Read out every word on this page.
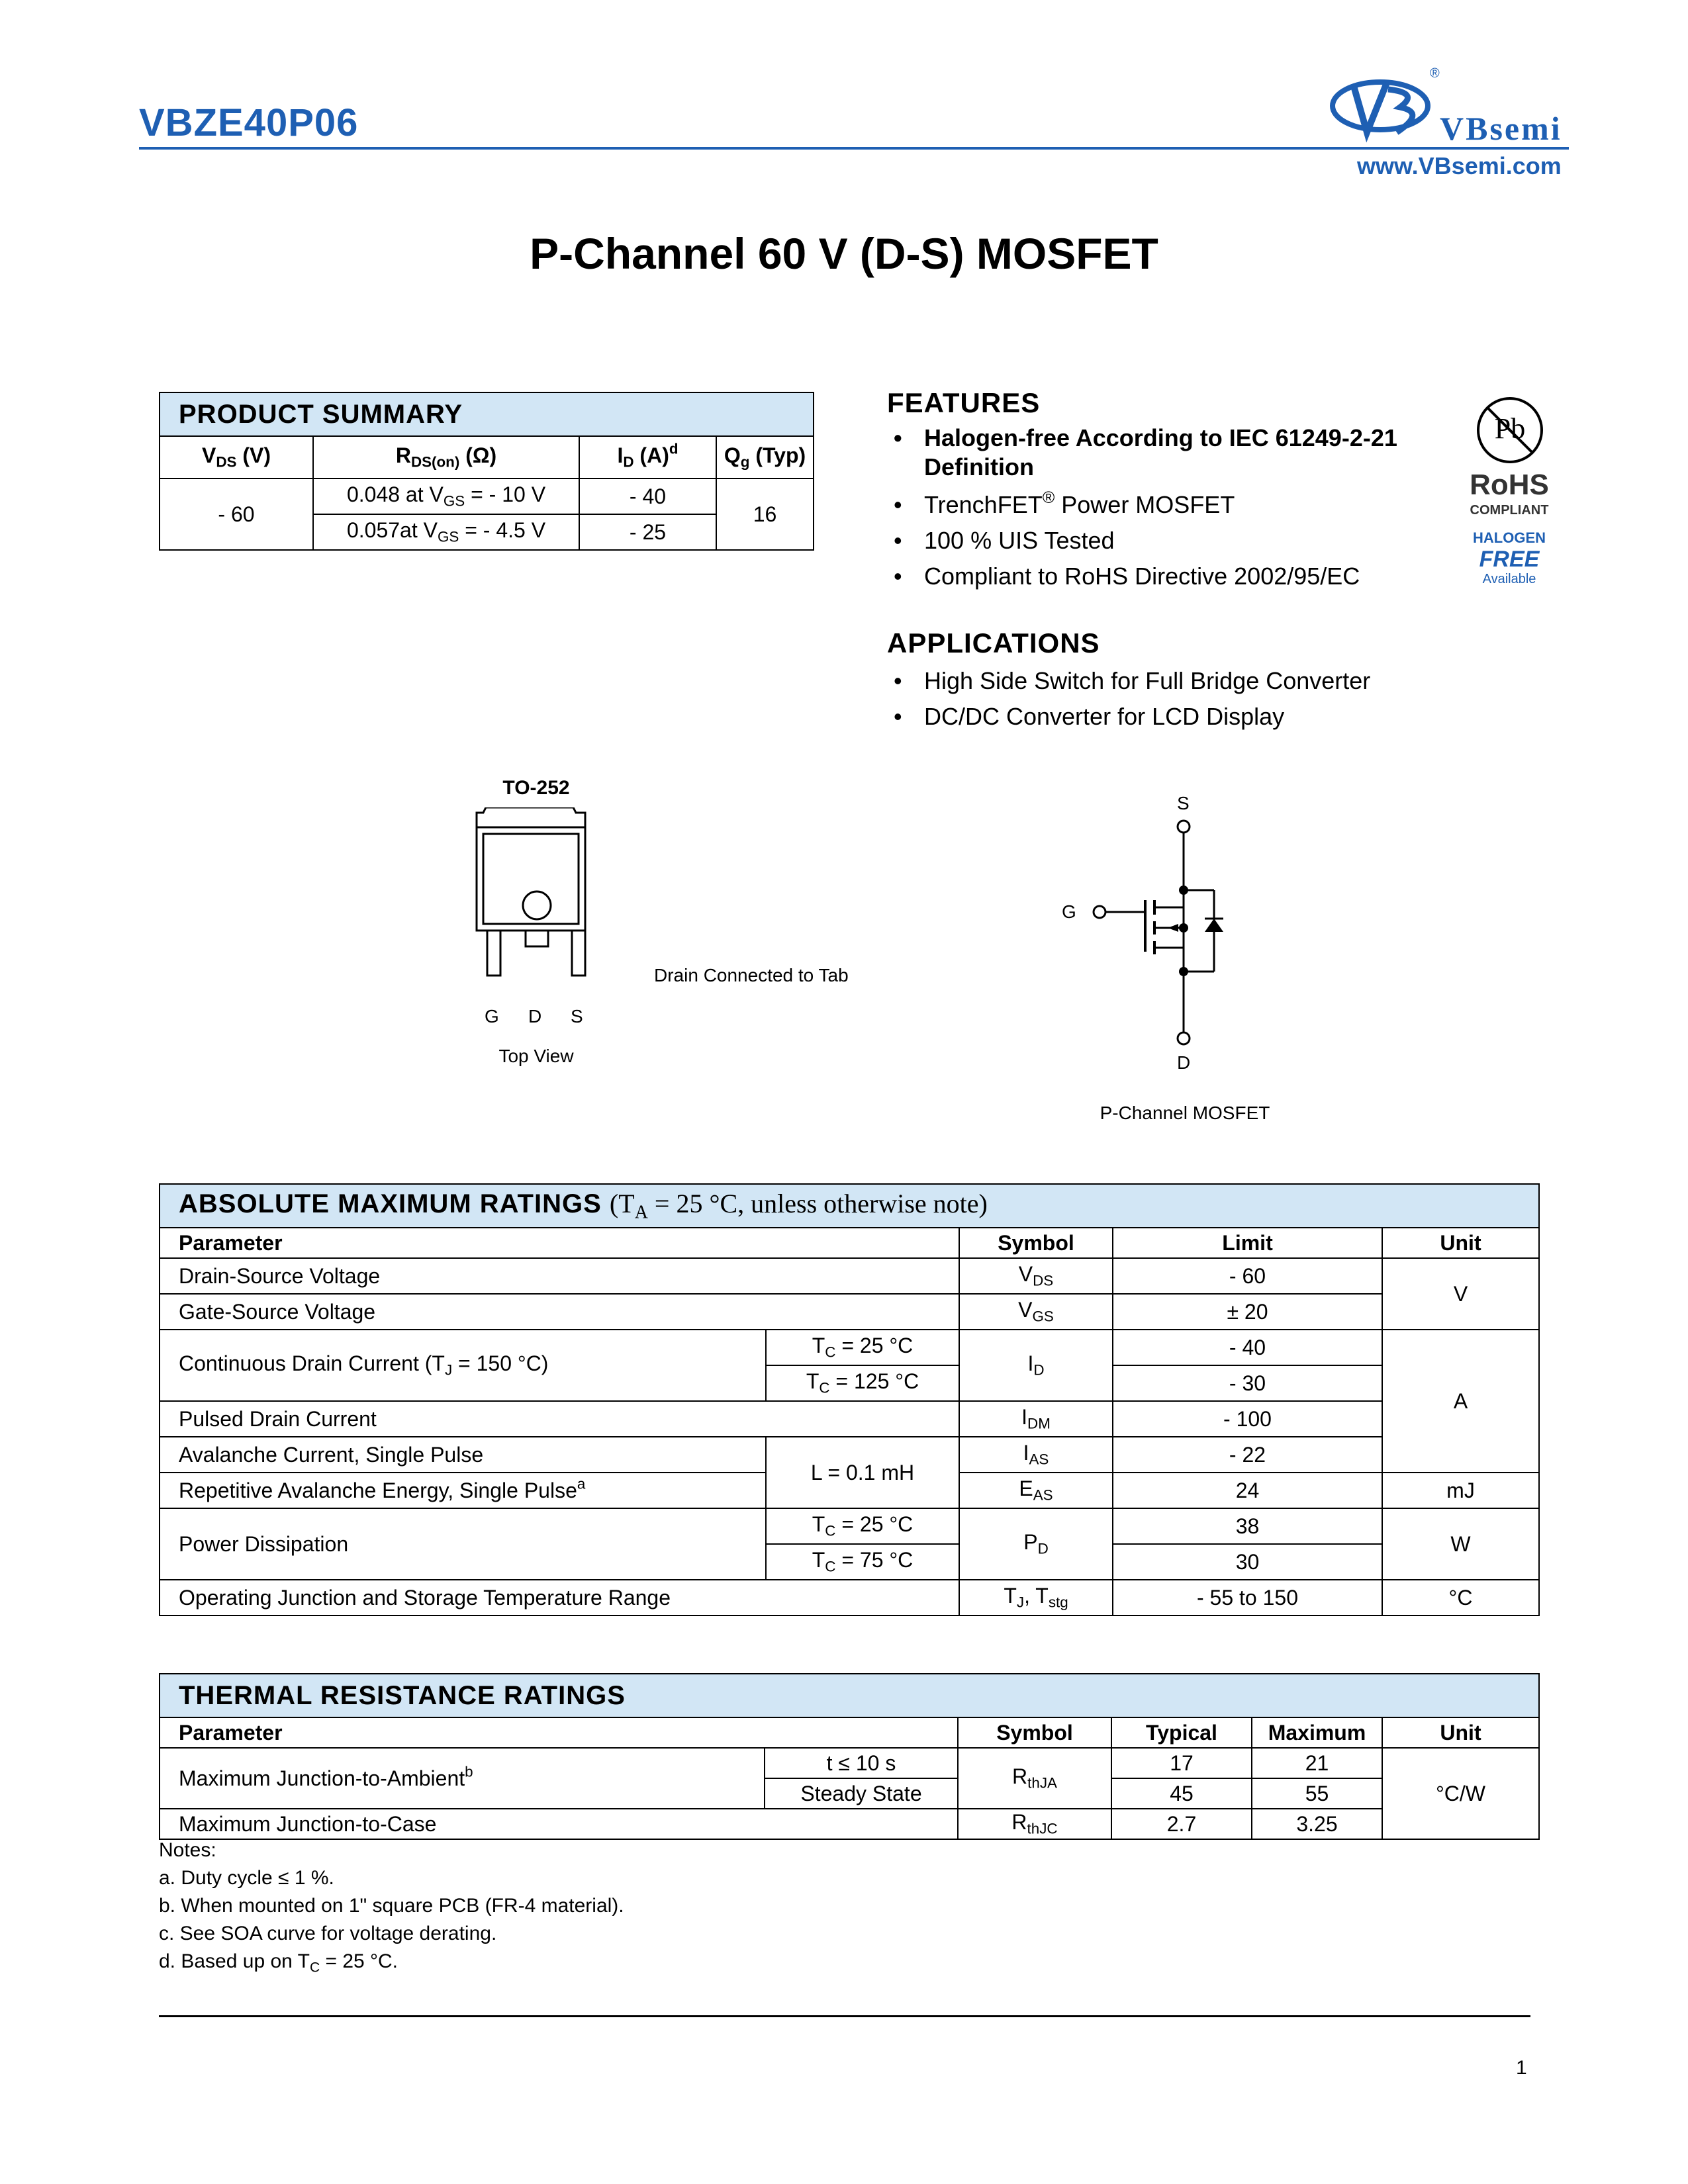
VBZE40P06
®
VBsemi
www.VBsemi.com
P-Channel 60 V (D-S) MOSFET
PRODUCT SUMMARY			
$V_{DS}$ (V)	$R_{DS(on)}$ (Ω)	$I_D$ $(A)^d$	$Q_g$ (Typ)
- 60	0.048 at $V_{GS}$ = - 10 V	- 40	16
	0.057at $V_{GS}$ = - 4.5 V	- 25	
FEATURES
• Halogen-free According to IEC 61249-2-21
Definition
• TrenchFET® Power MOSFET
• 100 % UIS Tested
• Compliant to RoHS Directive 2002/95/EC
Pb
RoHS
COMPLIANT
HALOGEN
FREE
Available
APPLICATIONS
• High Side Switch for Full Bridge Converter
• DC/DC Converter for LCD Display
TO-252
G D S
Top View
Drain Connected to Tab
S
G
D
P-Channel MOSFET
ABSOLUTE MAXIMUM RATINGS ($T_A = 25$ °C, unless otherwise note)				
Parameter		Symbol	Limit	Unit
Drain-Source Voltage		$V_{DS}$	- 60	V
Gate-Source Voltage		$V_{GS}$	± 20	
Continuous Drain Current ($T_J = 150$ °C)	$T_C = 25$ °C	$I_D$	- 40	A
	$T_C = 125$ °C		- 30	
Pulsed Drain Current		$I_{DM}$	- 100	
Avalanche Current, Single Pulse	L = 0.1 mH	$I_{AS}$	- 22	
Repetitive Avalanche Energy, Single Pulse$^a$		$E_{AS}$	24	mJ
Power Dissipation	$T_C = 25$ °C	$P_D$	38	W
	$T_C = 75$ °C		30	
Operating Junction and Storage Temperature Range		$T_J$, $T_{stg}$	- 55 to 150	°C
THERMAL RESISTANCE RATINGS					
Parameter		Symbol	Typical	Maximum	Unit
Maximum Junction-to-Ambient$^b$	t ≤ 10 s	$R_{thJA}$	17	21	°C/W
	Steady State		45	55	
Maximum Junction-to-Case		$R_{thJC}$	2.7	3.25	
Notes:
a. Duty cycle ≤ 1 %.
b. When mounted on 1" square PCB (FR-4 material).
c. See SOA curve for voltage derating.
d. Based up on $T_C = 25$ °C.
1
